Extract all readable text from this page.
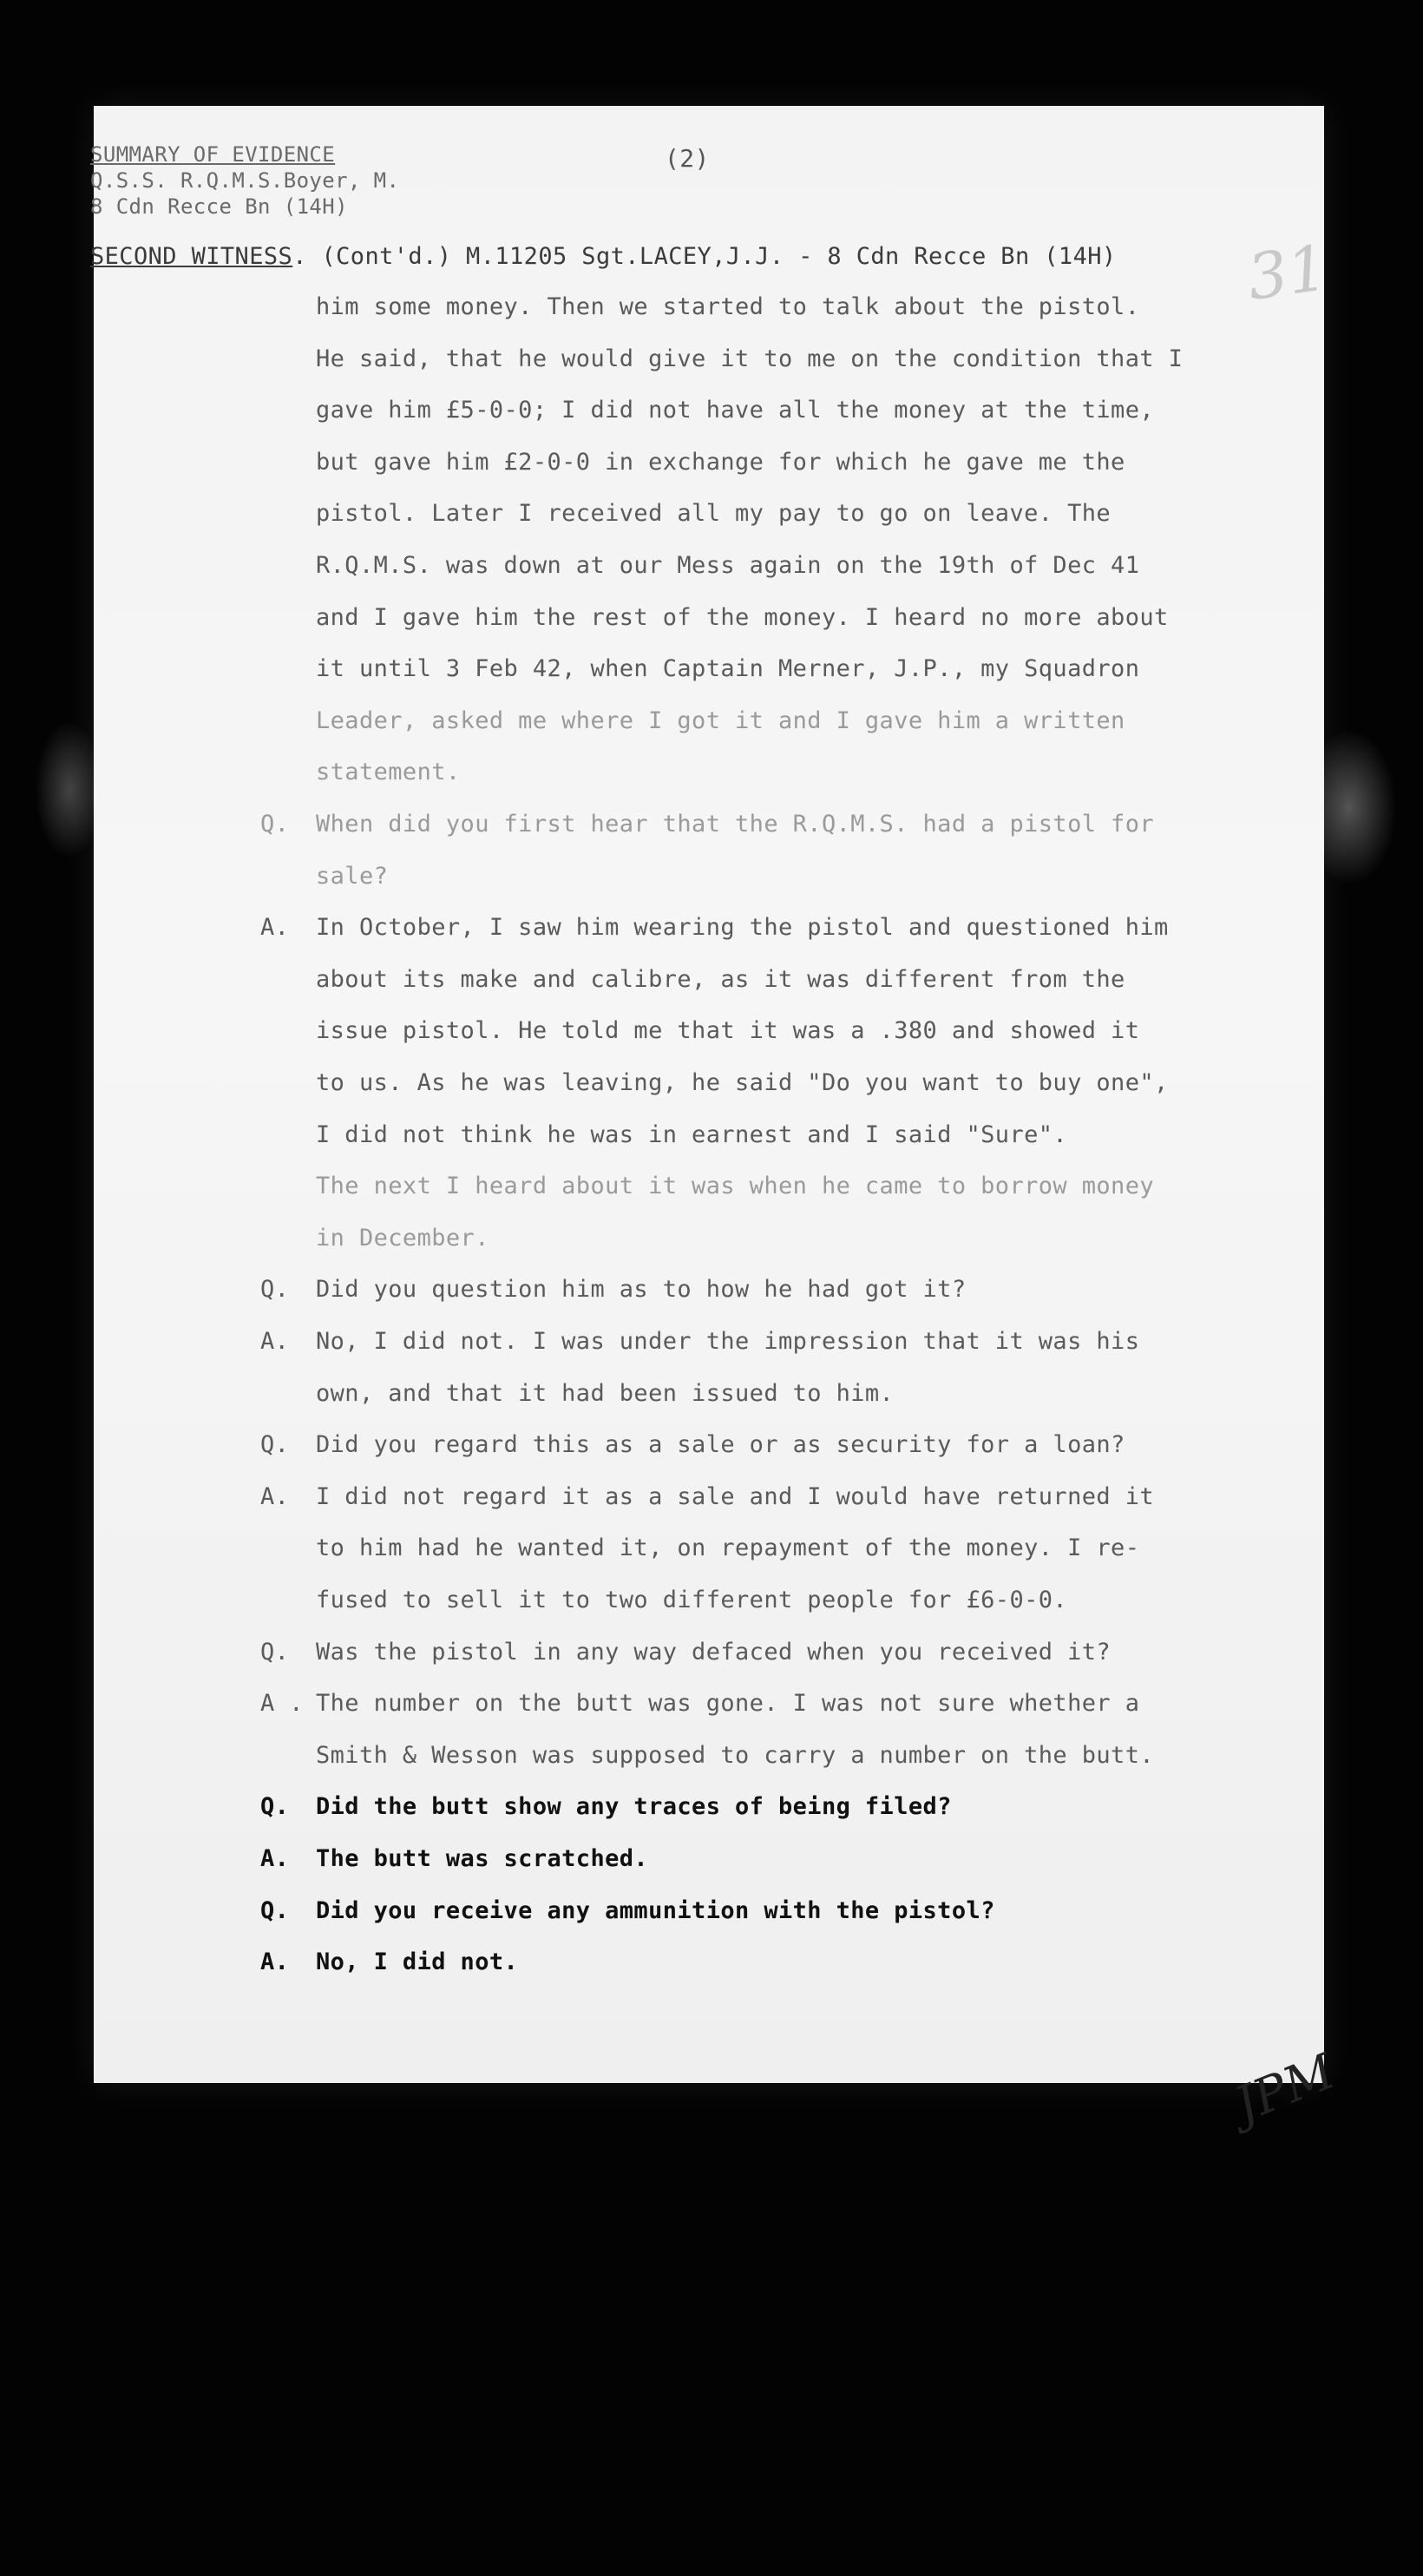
SUMMARY OF EVIDENCE
Q.S.S. R.Q.M.S.Boyer, M.
8 Cdn Recce Bn (14H)
(2)
31
SECOND WITNESS. (Cont'd.) M.11205 Sgt.LACEY,J.J. - 8 Cdn Recce Bn (14H)
him some money. Then we started to talk about the pistol.
He said, that he would give it to me on the condition that I
gave him £5-0-0; I did not have all the money at the time,
but gave him £2-0-0 in exchange for which he gave me the
pistol. Later I received all my pay to go on leave. The
R.Q.M.S. was down at our Mess again on the 19th of Dec 41
and I gave him the rest of the money. I heard no more about
it until 3 Feb 42, when Captain Merner, J.P., my Squadron
Leader, asked me where I got it and I gave him a written
statement.
Q. When did you first hear that the R.Q.M.S. had a pistol for
sale?
A. In October, I saw him wearing the pistol and questioned him
about its make and calibre, as it was different from the
issue pistol. He told me that it was a .380 and showed it
to us. As he was leaving, he said "Do you want to buy one",
I did not think he was in earnest and I said "Sure".
The next I heard about it was when he came to borrow money
in December.
Q. Did you question him as to how he had got it?
A. No, I did not. I was under the impression that it was his
own, and that it had been issued to him.
Q. Did you regard this as a sale or as security for a loan?
A. I did not regard it as a sale and I would have returned it
to him had he wanted it, on repayment of the money. I re-
fused to sell it to two different people for £6-0-0.
Q. Was the pistol in any way defaced when you received it?
A . The number on the butt was gone. I was not sure whether a
Smith & Wesson was supposed to carry a number on the butt.
Q. Did the butt show any traces of being filed?
A. The butt was scratched.
Q. Did you receive any ammunition with the pistol?
A. No, I did not.
JPM
